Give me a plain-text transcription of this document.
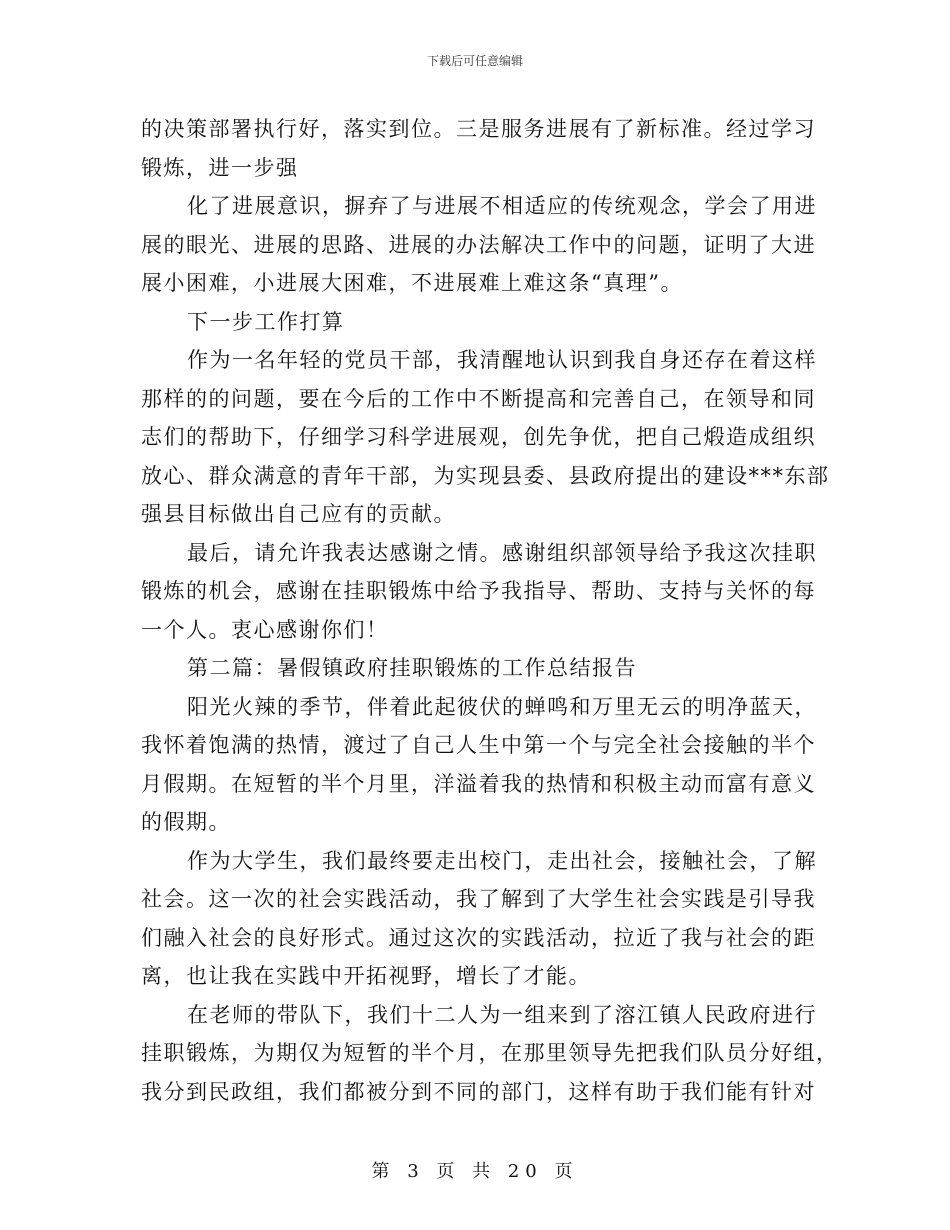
下载后可任意编辑
的决策部署执行好，落实到位。三是服务进展有了新标准。经过学习
锻炼，进一步强
化了进展意识，摒弃了与进展不相适应的传统观念，学会了用进
展的眼光、进展的思路、进展的办法解决工作中的问题，证明了大进
展小困难，小进展大困难，不进展难上难这条“真理”。
下一步工作打算
作为一名年轻的党员干部，我清醒地认识到我自身还存在着这样
那样的的问题，要在今后的工作中不断提高和完善自己，在领导和同
志们的帮助下，仔细学习科学进展观，创先争优，把自己煅造成组织
放心、群众满意的青年干部，为实现县委、县政府提出的建设***东部
强县目标做出自己应有的贡献。
最后，请允许我表达感谢之情。感谢组织部领导给予我这次挂职
锻炼的机会，感谢在挂职锻炼中给予我指导、帮助、支持与关怀的每
一个人。衷心感谢你们！
第二篇：暑假镇政府挂职锻炼的工作总结报告
阳光火辣的季节，伴着此起彼伏的蝉鸣和万里无云的明净蓝天，
我怀着饱满的热情，渡过了自己人生中第一个与完全社会接触的半个
月假期。在短暂的半个月里，洋溢着我的热情和积极主动而富有意义
的假期。
作为大学生，我们最终要走出校门，走出社会，接触社会，了解
社会。这一次的社会实践活动，我了解到了大学生社会实践是引导我
们融入社会的良好形式。通过这次的实践活动，拉近了我与社会的距
离，也让我在实践中开拓视野，增长了才能。
在老师的带队下，我们十二人为一组来到了溶江镇人民政府进行
挂职锻炼，为期仅为短暂的半个月，在那里领导先把我们队员分好组，
我分到民政组，我们都被分到不同的部门，这样有助于我们能有针对
第 3 页 共 20 页
